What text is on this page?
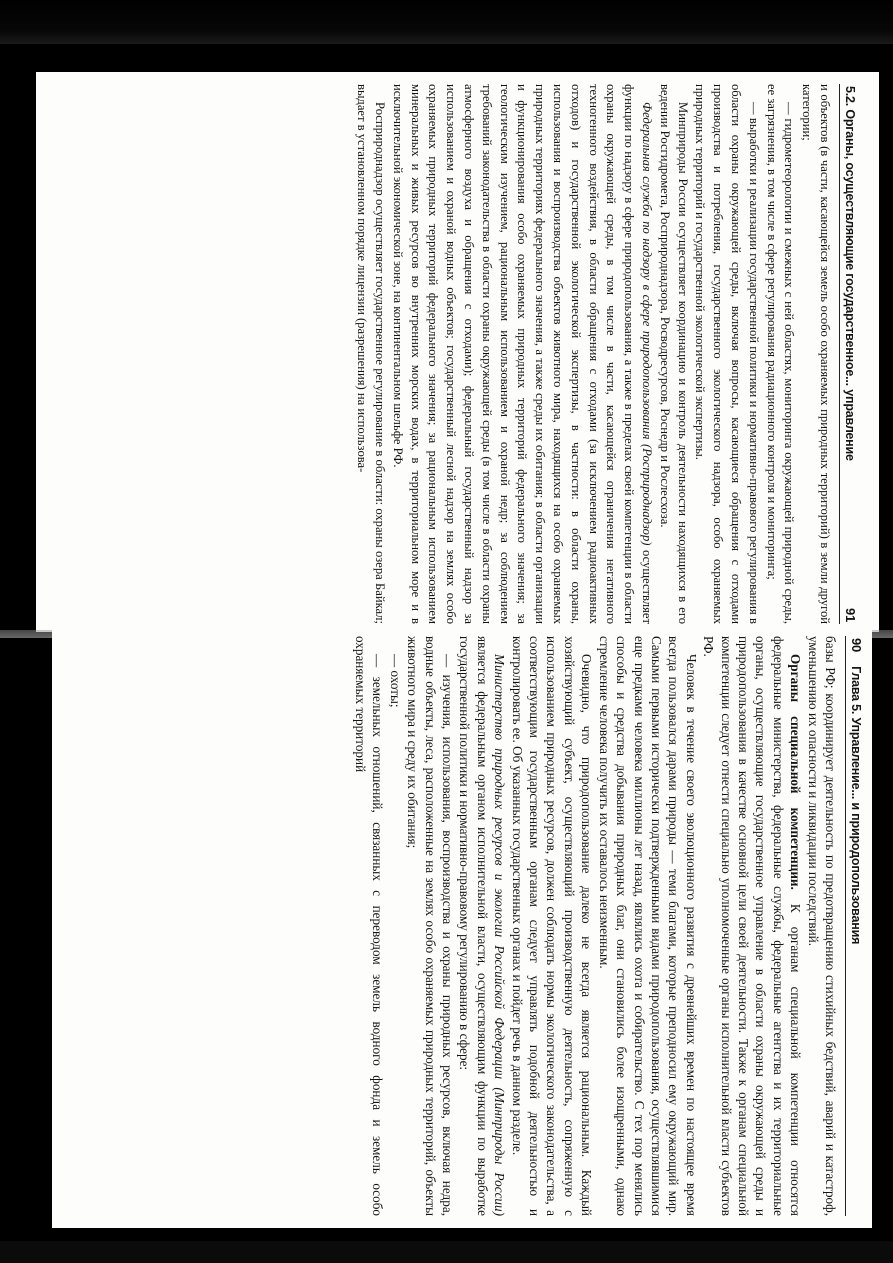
5.2. Органы, осуществляющие государственное... управление
91

и объектов (в части, касающейся земель особо охраняемых природных территорий) в земли другой категории;

— гидрометеорологии и смежных с ней областях, мониторинга окружающей природной среды, ее загрязнения, в том числе в сфере регулирования радиационного контроля и мониторинга;

— выработки и реализации государственной политики и нормативно-правового регулирования в области охраны окружающей среды, включая вопросы, касающиеся обращения с отходами производства и потребления, государственного экологического надзора, особо охраняемых природных территорий и государственной экологической экспертизы.

Минприроды России осуществляет координацию и контроль деятельности находящихся в его ведении Росгидромета, Росприроднадзора, Росводресурсов, Роснедр и Рослесхоза.

Федеральная служба по надзору в сфере природопользования (Росприроднадзор) осуществляет функции по надзору в сфере природопользования, а также в пределах своей компетенции в области охраны окружающей среды, в том числе в части, касающейся ограничения негативного техногенного воздействия, в области обращения с отходами (за исключением радиоактивных отходов) и государственной экологической экспертизы, в частности: в области охраны, использования и воспроизводства объектов животного мира, находящихся на особо охраняемых природных территориях федерального значения, а также среды их обитания; в области организации и функционирования особо охраняемых природных территорий федерального значения; за геологическим изучением, рациональным использованием и охраной недр; за соблюдением требований законодательства в области охраны окружающей среды (в том числе в области охраны атмосферного воздуха и обращения с отходами); федеральный государственный надзор за использованием и охраной водных объектов; государственный лесной надзор на землях особо охраняемых природных территорий федерального значения; за рациональным использованием минеральных и живых ресурсов во внутренних морских водах, в территориальном море и в исключительной экономической зоне, на континентальном шельфе РФ.

Росприроднадзор осуществляет государственное регулирование в области: охраны озера Байкал; выдает в установленном порядке лицензии (разрешения) на использова-

90
Глава 5. Управление... и природопользования

базы РФ; координирует деятельность по предотвращению стихийных бедствий, аварий и катастроф, уменьшению их опасности и ликвидации последствий.

Органы специальной компетенции. К органам специальной компетенции относятся федеральные министерства, федеральные службы, федеральные агентства и их территориальные органы, осуществляющие государственное управление в области охраны окружающей среды и природопользования в качестве основной цели своей деятельности. Также к органам специальной компетенции следует отнести специально уполномоченные органы исполнительной власти субъектов РФ.

Человек в течение своего эволюционного развития с древнейших времен по настоящее время всегда пользовался дарами природы — теми благами, которые преподносил ему окружающий мир. Самыми первыми исторически подтвержденными видами природопользования, осуществлявшимися еще предками человека миллионы лет назад, являлись охота и собирательство. С тех пор менялись способы и средства добывания природных благ, они становились более изощренными, однако стремление человека получить их оставалось неизменным.

Очевидно, что природопользование далеко не всегда является рациональным. Каждый хозяйствующий субъект, осуществляющий производственную деятельность, сопряженную с использованием природных ресурсов, должен соблюдать нормы экологического законодательства, а соответствующим государственным органам следует управлять подобной деятельностью и контролировать ее. Об указанных государственных органах и пойдет речь в данном разделе.

Министерство природных ресурсов и экологии Российской Федерации (Минприроды России) является федеральным органом исполнительной власти, осуществляющим функции по выработке государственной политики и нормативно-правовому регулированию в сфере:

— изучения, использования, воспроизводства и охраны природных ресурсов, включая недра, водные объекты, леса, расположенные на землях особо охраняемых природных территорий, объекты животного мира и среду их обитания;

— охоты;

— земельных отношений, связанных с переводом земель водного фонда и земель особо охраняемых территорий
